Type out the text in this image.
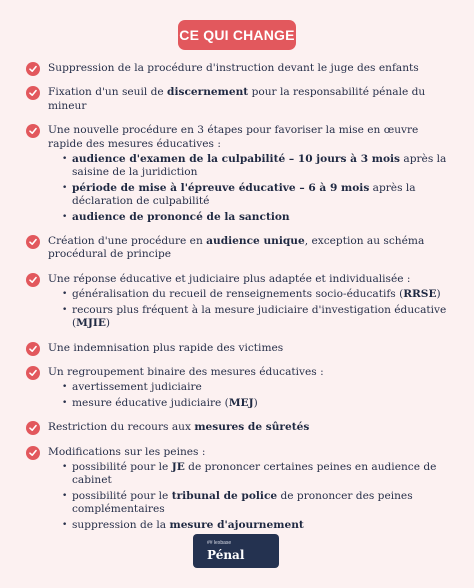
CE QUI CHANGE
Suppression de la procédure d'instruction devant le juge des enfants
Fixation d'un seuil de discernement pour la responsabilité pénale du mineur
Une nouvelle procédure en 3 étapes pour favoriser la mise en œuvre rapide des mesures éducatives :
• audience d'examen de la culpabilité – 10 jours à 3 mois après la saisine de la juridiction
• période de mise à l'épreuve éducative – 6 à 9 mois après la déclaration de culpabilité
• audience de prononcé de la sanction
Création d'une procédure en audience unique, exception au schéma procédural de principe
Une réponse éducative et judiciaire plus adaptée et individualisée :
• généralisation du recueil de renseignements socio-éducatifs (RRSE)
• recours plus fréquent à la mesure judiciaire d'investigation éducative (MJIE)
Une indemnisation plus rapide des victimes
Un regroupement binaire des mesures éducatives :
• avertissement judiciaire
• mesure éducative judiciaire (MEJ)
Restriction du recours aux mesures de sûretés
Modifications sur les peines :
• possibilité pour le JE de prononcer certaines peines en audience de cabinet
• possibilité pour le tribunal de police de prononcer des peines complémentaires
• suppression de la mesure d'ajournement
## lexbase
Pénal
